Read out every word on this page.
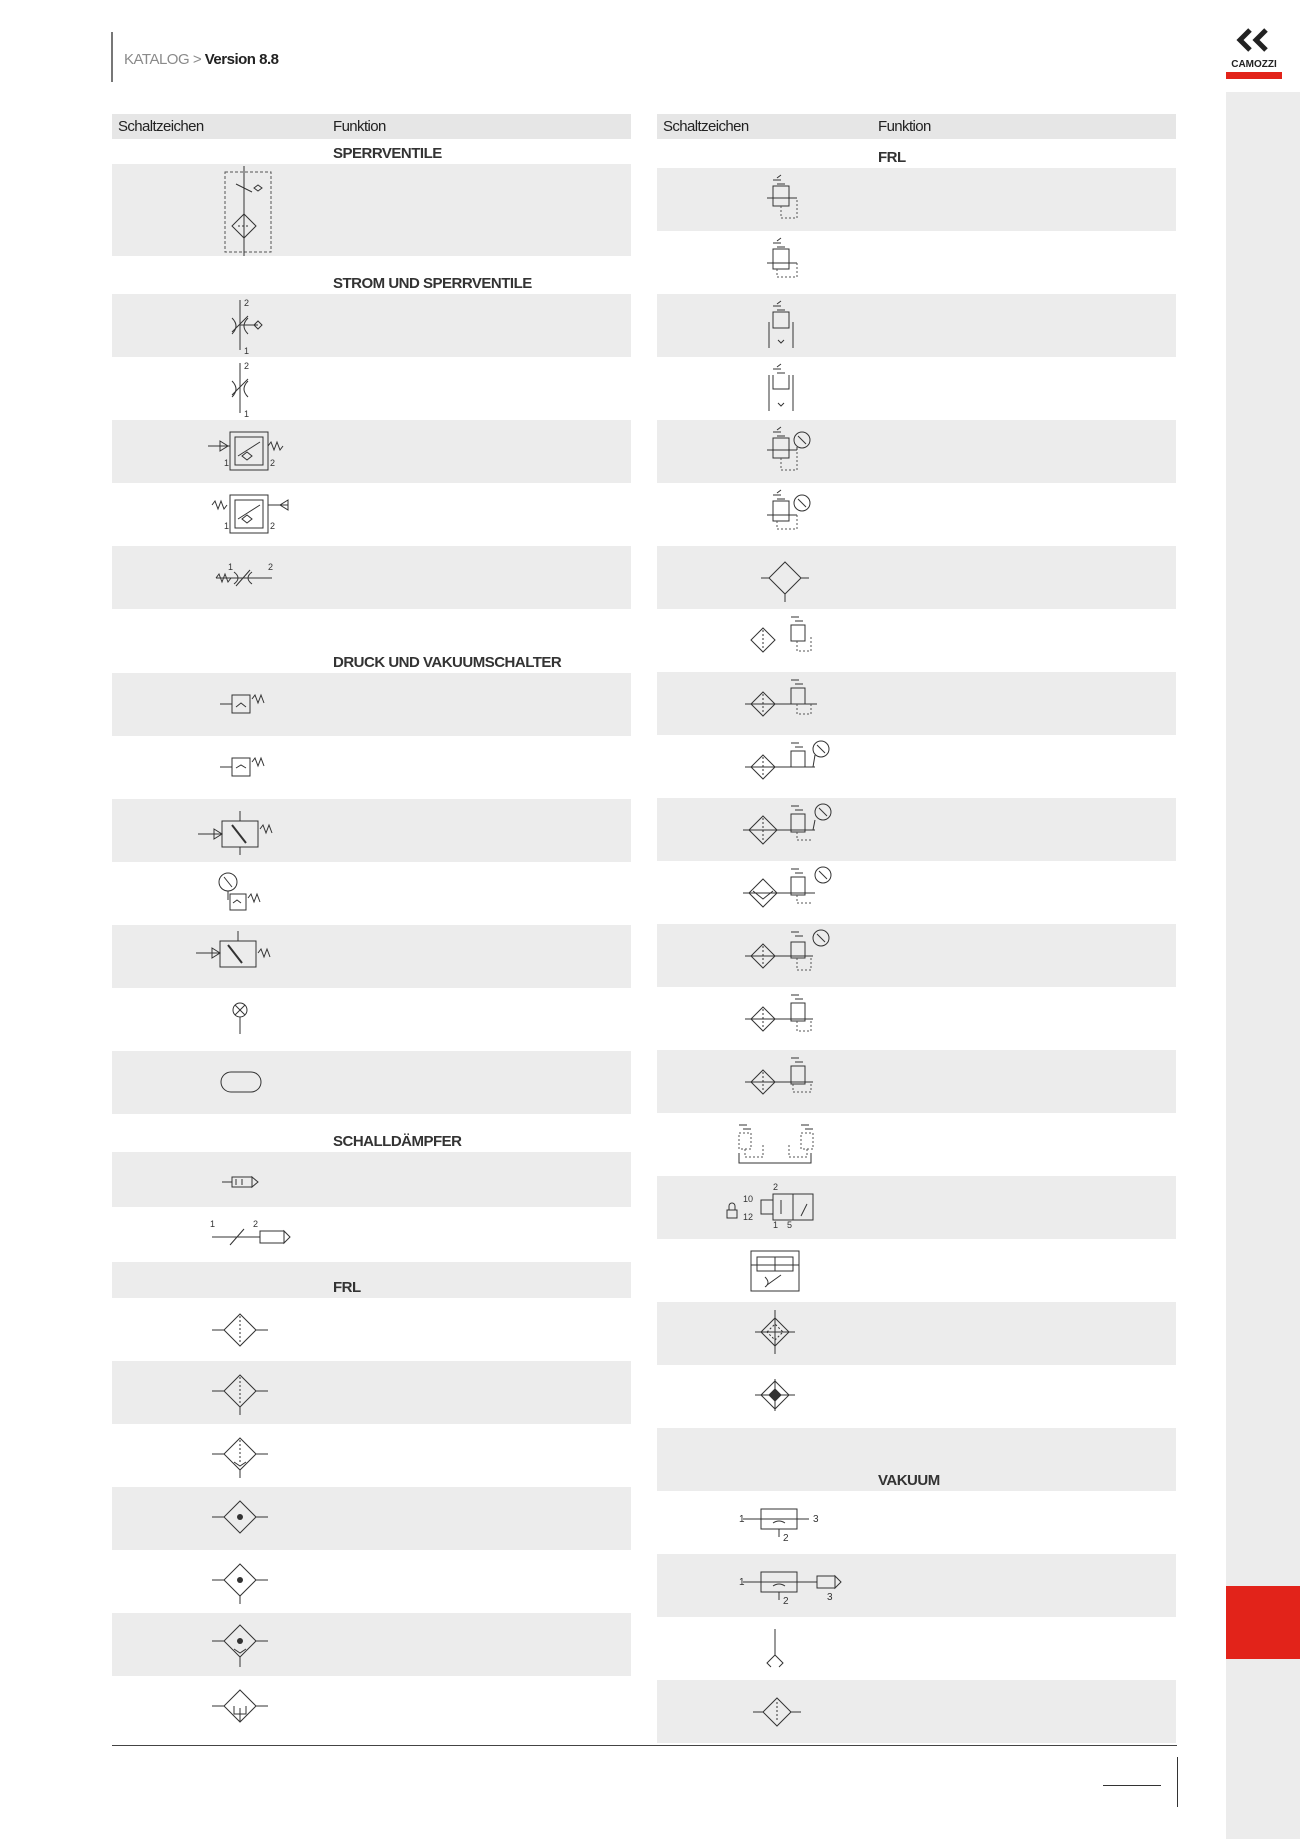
KATALOG > Version 8.8	CAMOZZI
Schaltzeichen	Funktion
SPERRVENTILE
STROM UND SPERRVENTILE
2
1
2
1
1	2
1	2
1	2
DRUCK UND VAKUUMSCHALTER
SCHALLDÄMPFER
1	2
FRL
Schaltzeichen	Funktion
FRL
10
12
2
1 5
VAKUUM
1	3
2
1
2	3
